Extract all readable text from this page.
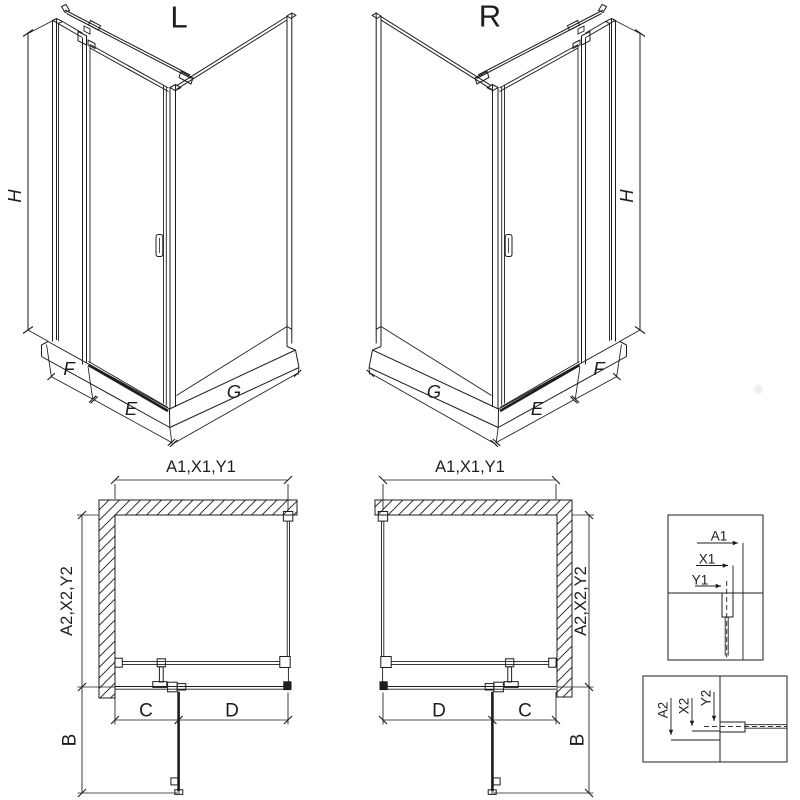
L	R
H	H
F
E
G	G
E
F
A1,X1,Y1
A2,X2,Y2
C	D
B
A1,X1,Y1
A2,X2,Y2
D	C
B
A1
X1
Y1
A2 X2 Y2
